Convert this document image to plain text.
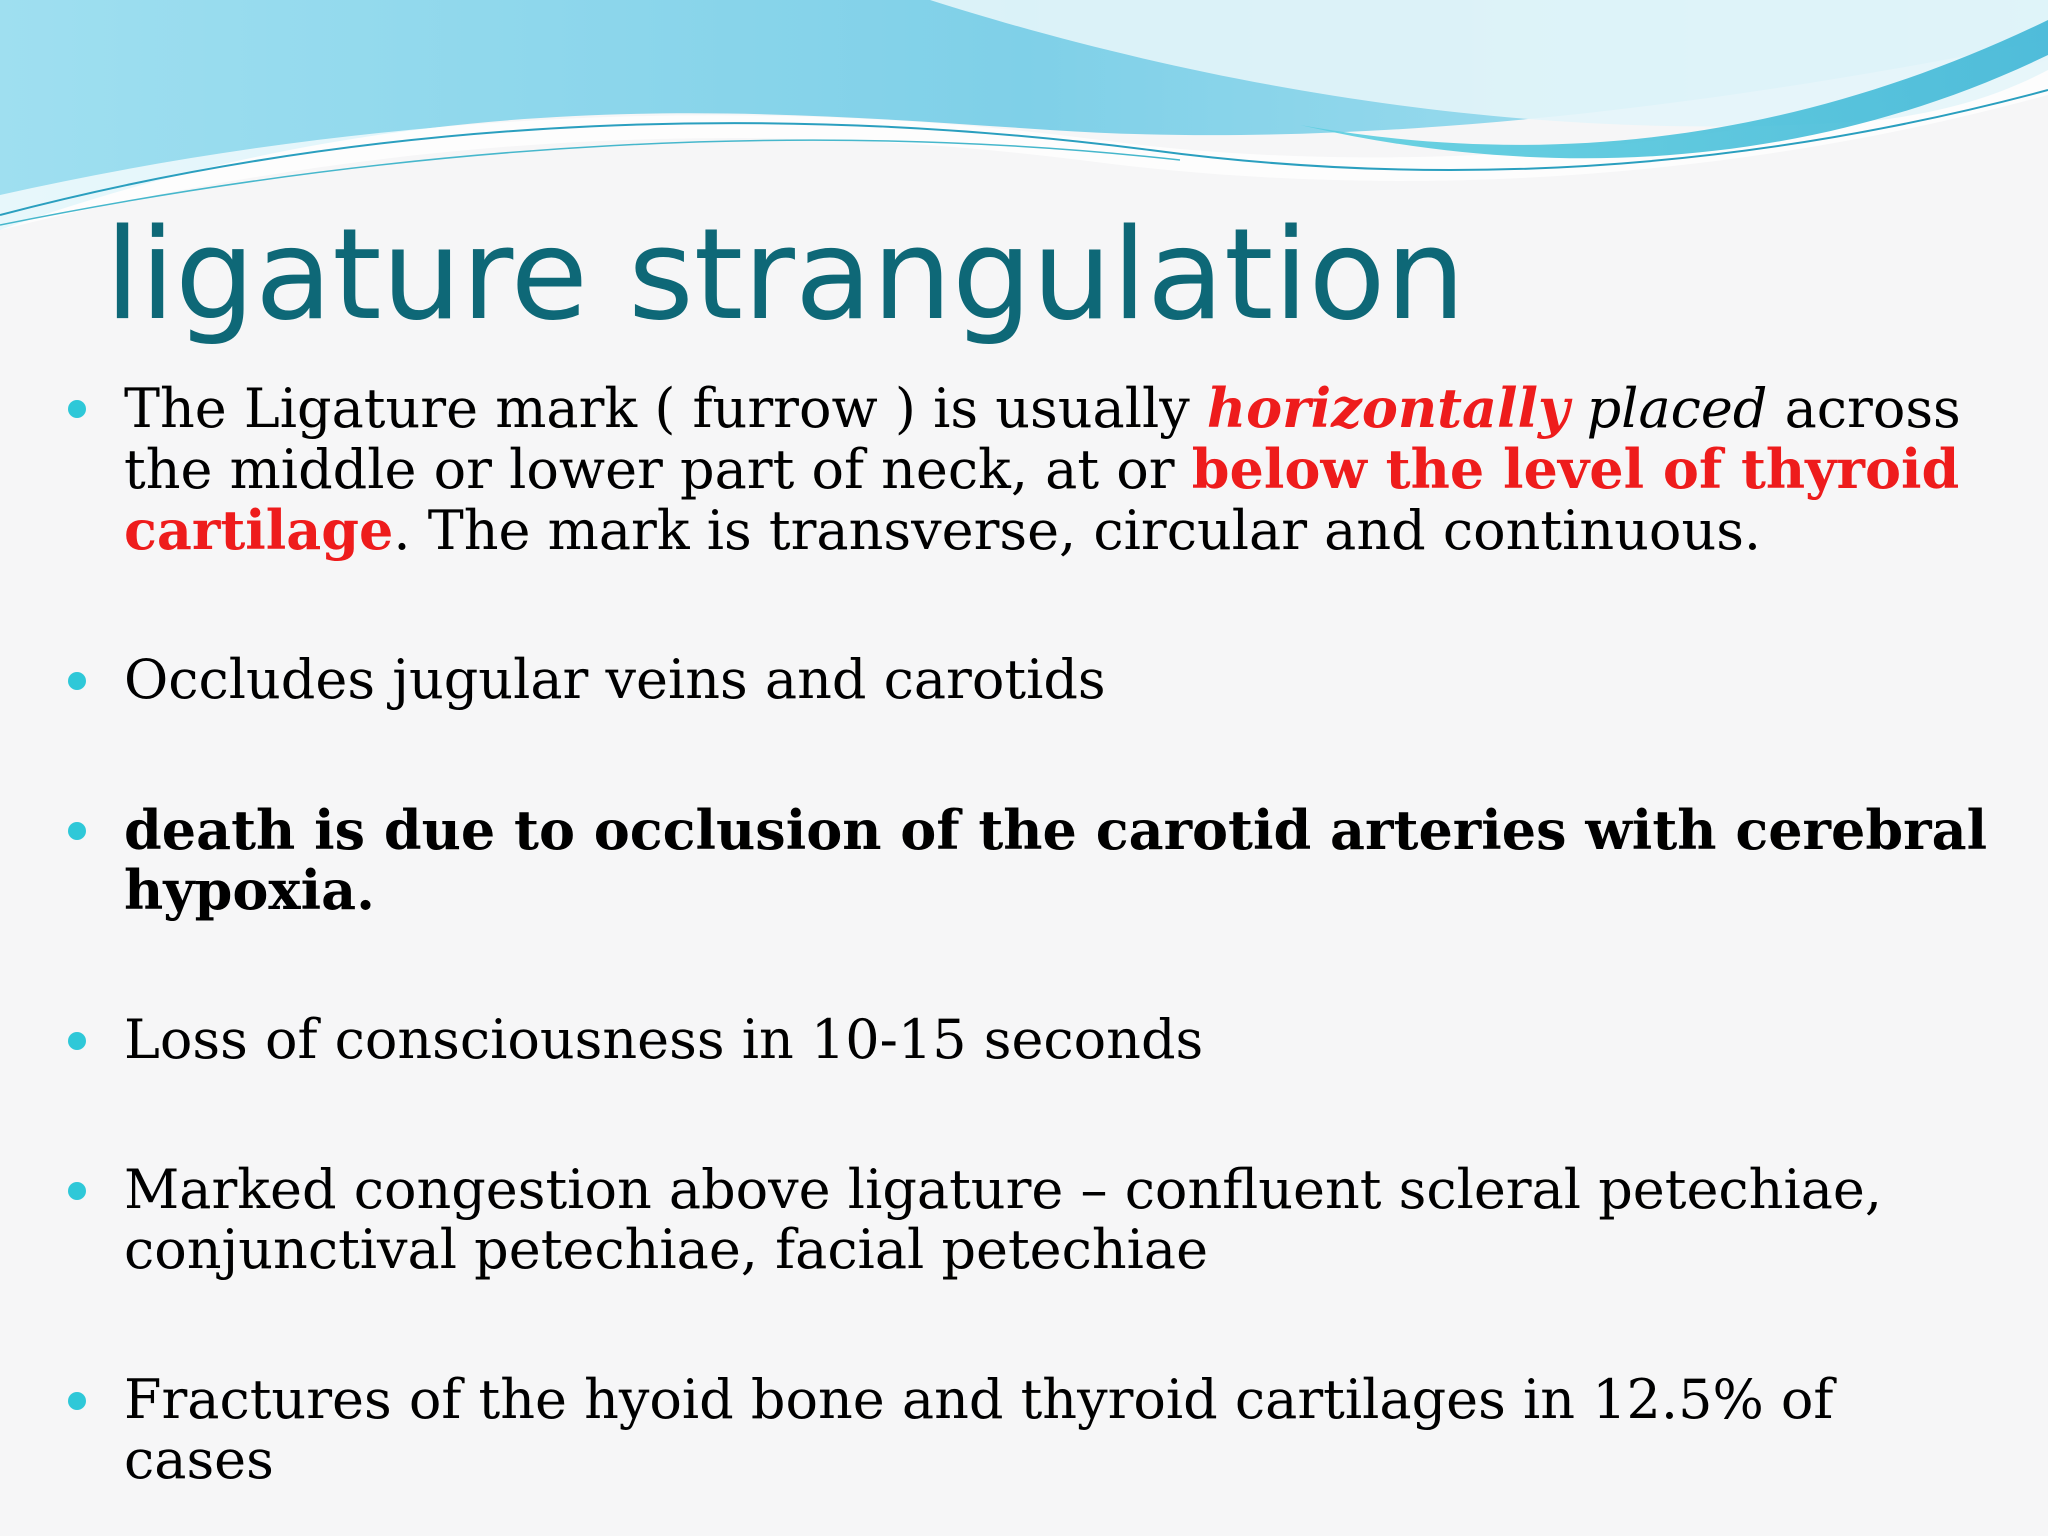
ligature strangulation
The Ligature mark ( furrow ) is usually horizontally placed across the middle or lower part of neck, at or below the level of thyroid cartilage. The mark is transverse, circular and continuous.
Occludes jugular veins and carotids
death is due to occlusion of the carotid arteries with cerebral hypoxia.
Loss of consciousness in 10-15 seconds
Marked congestion above ligature – confluent scleral petechiae, conjunctival petechiae, facial petechiae
Fractures of the hyoid bone and thyroid cartilages in 12.5% of cases
